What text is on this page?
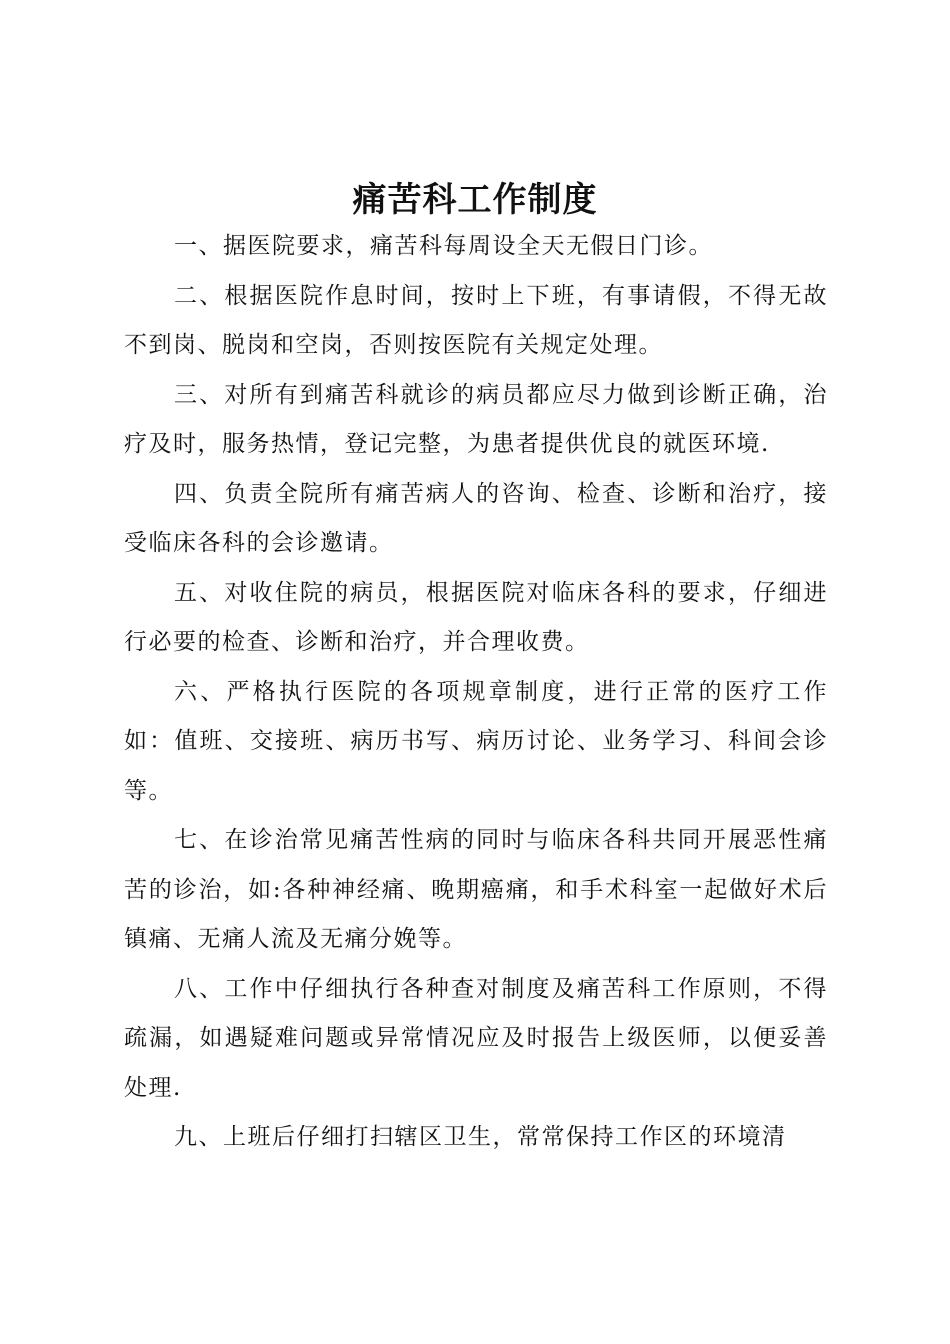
痛苦科工作制度

一、据医院要求，痛苦科每周设全天无假日门诊。

二、根据医院作息时间，按时上下班，有事请假，不得无故不到岗、脱岗和空岗，否则按医院有关规定处理。

三、对所有到痛苦科就诊的病员都应尽力做到诊断正确，治疗及时，服务热情，登记完整，为患者提供优良的就医环境.

四、负责全院所有痛苦病人的咨询、检查、诊断和治疗，接受临床各科的会诊邀请。

五、对收住院的病员，根据医院对临床各科的要求，仔细进行必要的检查、诊断和治疗，并合理收费。

六、严格执行医院的各项规章制度，进行正常的医疗工作如：值班、交接班、病历书写、病历讨论、业务学习、科间会诊等。

七、在诊治常见痛苦性病的同时与临床各科共同开展恶性痛苦的诊治，如:各种神经痛、晚期癌痛，和手术科室一起做好术后镇痛、无痛人流及无痛分娩等。

八、工作中仔细执行各种查对制度及痛苦科工作原则，不得疏漏，如遇疑难问题或异常情况应及时报告上级医师，以便妥善处理.

九、上班后仔细打扫辖区卫生，常常保持工作区的环境清
